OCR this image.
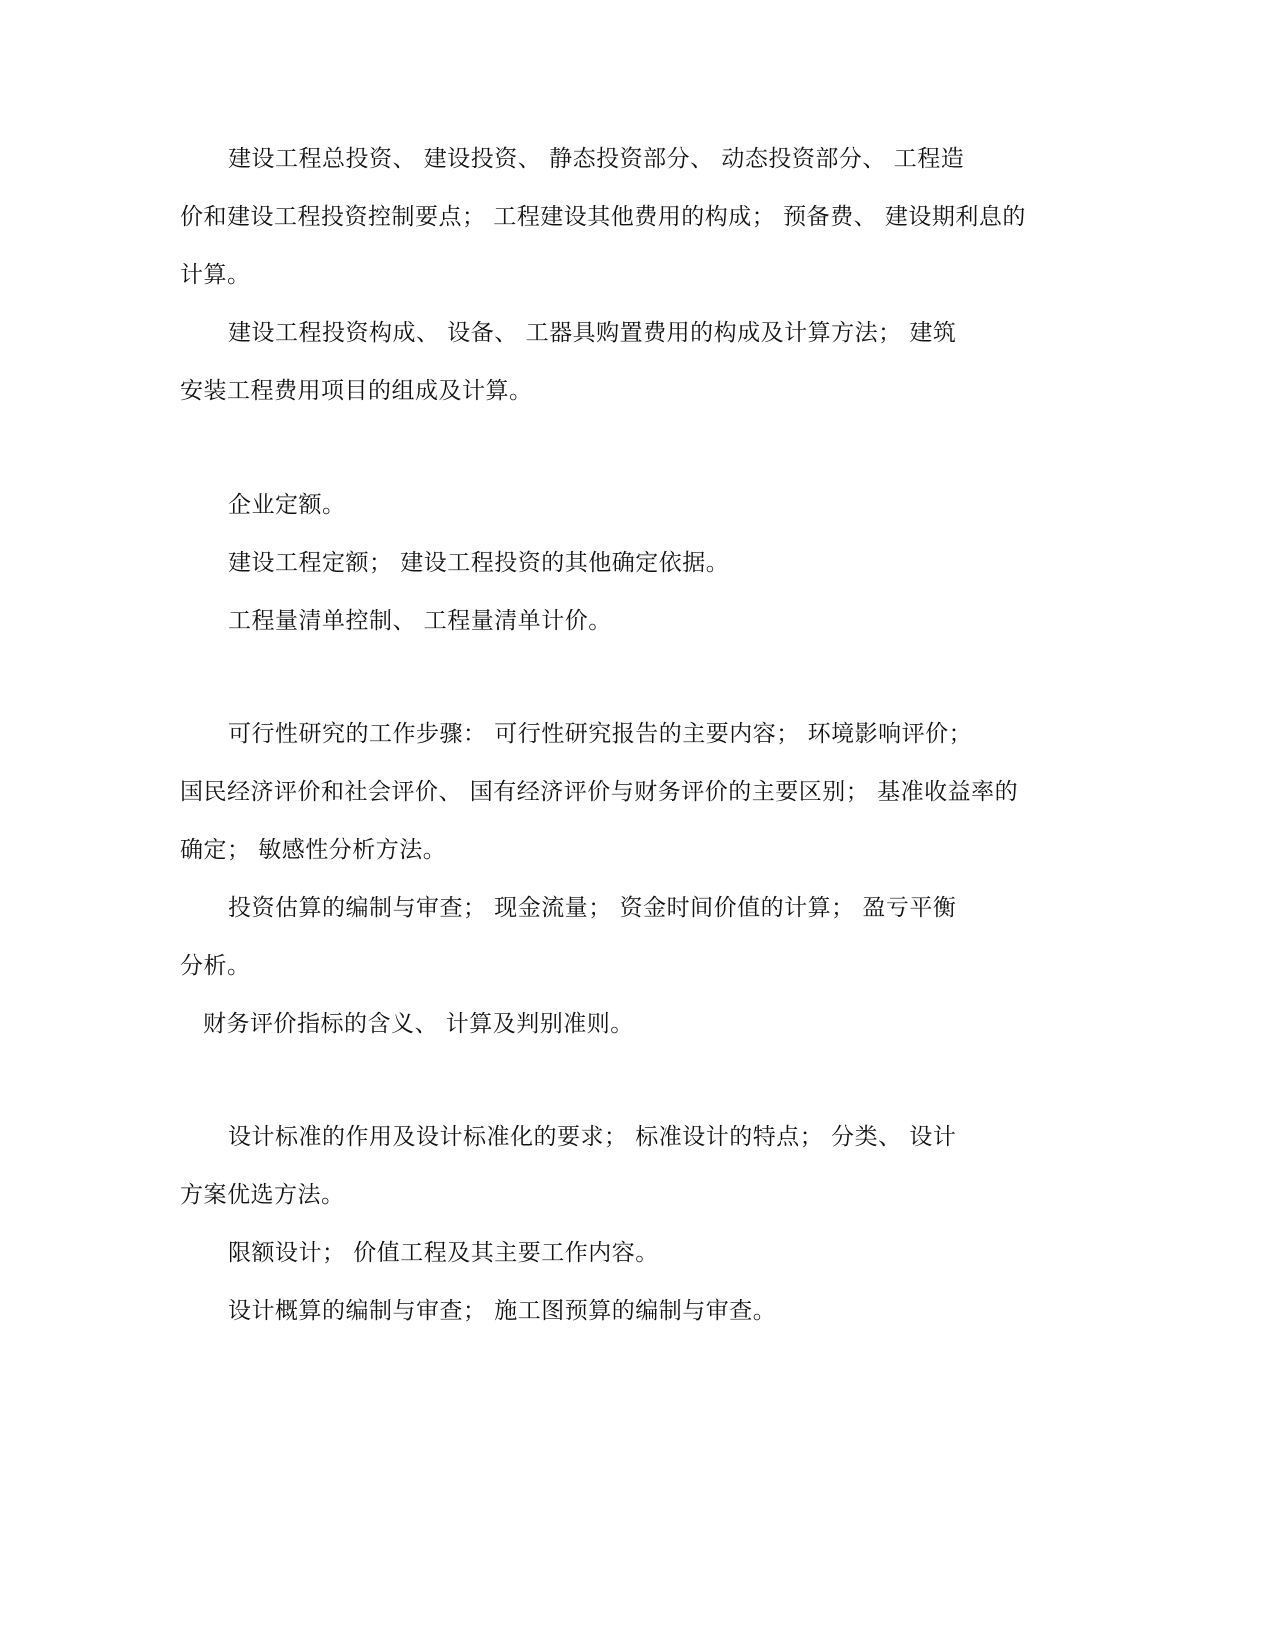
建设工程总投资、 建设投资、 静态投资部分、 动态投资部分、 工程造
价和建设工程投资控制要点； 工程建设其他费用的构成； 预备费、 建设期利息的
计算。
建设工程投资构成、 设备、 工器具购置费用的构成及计算方法； 建筑
安装工程费用项目的组成及计算。
企业定额。
建设工程定额； 建设工程投资的其他确定依据。
工程量清单控制、 工程量清单计价。
可行性研究的工作步骤： 可行性研究报告的主要内容； 环境影响评价；
国民经济评价和社会评价、 国有经济评价与财务评价的主要区别； 基准收益率的
确定； 敏感性分析方法。
投资估算的编制与审查； 现金流量； 资金时间价值的计算； 盈亏平衡
分析。
财务评价指标的含义、 计算及判别准则。
设计标准的作用及设计标准化的要求； 标准设计的特点； 分类、 设计
方案优选方法。
限额设计； 价值工程及其主要工作内容。
设计概算的编制与审查； 施工图预算的编制与审查。
